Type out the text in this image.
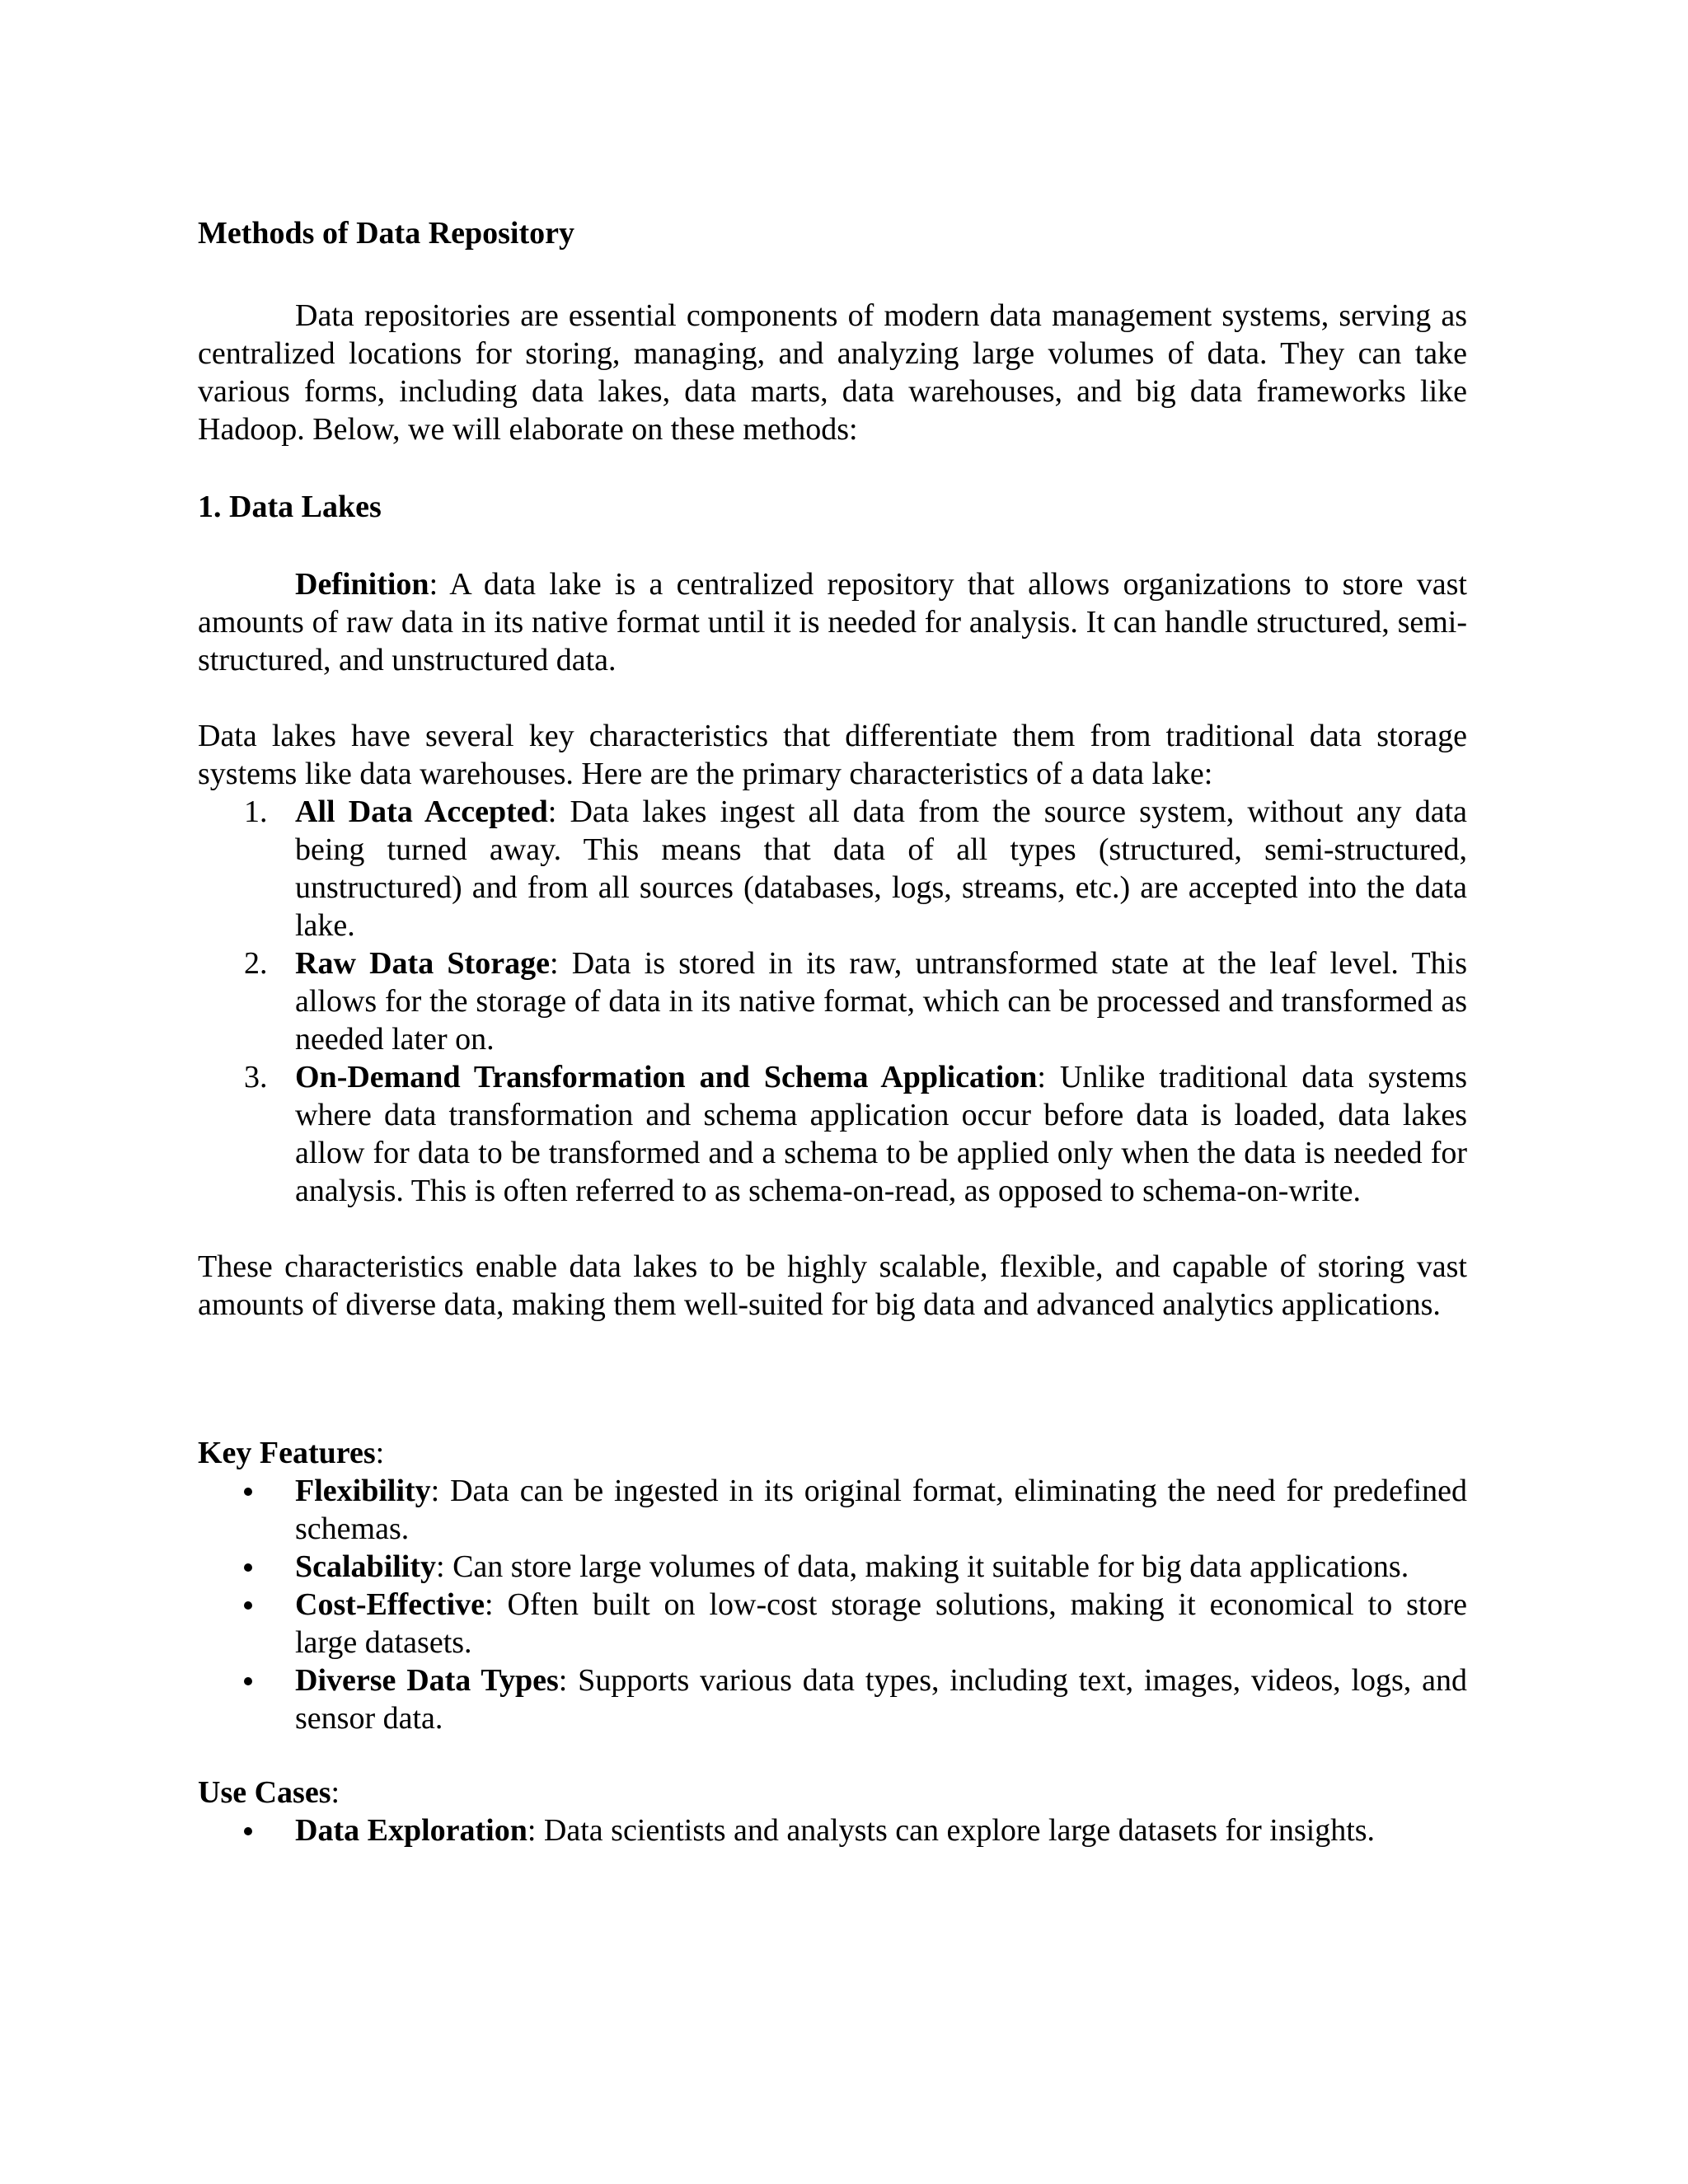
Methods of Data Repository

Data repositories are essential components of modern data management systems, serving as centralized locations for storing, managing, and analyzing large volumes of data. They can take various forms, including data lakes, data marts, data warehouses, and big data frameworks like Hadoop. Below, we will elaborate on these methods:

1. Data Lakes

Definition: A data lake is a centralized repository that allows organizations to store vast amounts of raw data in its native format until it is needed for analysis. It can handle structured, semi-structured, and unstructured data.

Data lakes have several key characteristics that differentiate them from traditional data storage systems like data warehouses. Here are the primary characteristics of a data lake:

1. All Data Accepted: Data lakes ingest all data from the source system, without any data being turned away. This means that data of all types (structured, semi-structured, unstructured) and from all sources (databases, logs, streams, etc.) are accepted into the data lake.
2. Raw Data Storage: Data is stored in its raw, untransformed state at the leaf level. This allows for the storage of data in its native format, which can be processed and transformed as needed later on.
3. On-Demand Transformation and Schema Application: Unlike traditional data systems where data transformation and schema application occur before data is loaded, data lakes allow for data to be transformed and a schema to be applied only when the data is needed for analysis. This is often referred to as schema-on-read, as opposed to schema-on-write.

These characteristics enable data lakes to be highly scalable, flexible, and capable of storing vast amounts of diverse data, making them well-suited for big data and advanced analytics applications.

Key Features:

Flexibility: Data can be ingested in its original format, eliminating the need for predefined schemas.
Scalability: Can store large volumes of data, making it suitable for big data applications.
Cost-Effective: Often built on low-cost storage solutions, making it economical to store large datasets.
Diverse Data Types: Supports various data types, including text, images, videos, logs, and sensor data.

Use Cases:

Data Exploration: Data scientists and analysts can explore large datasets for insights.
